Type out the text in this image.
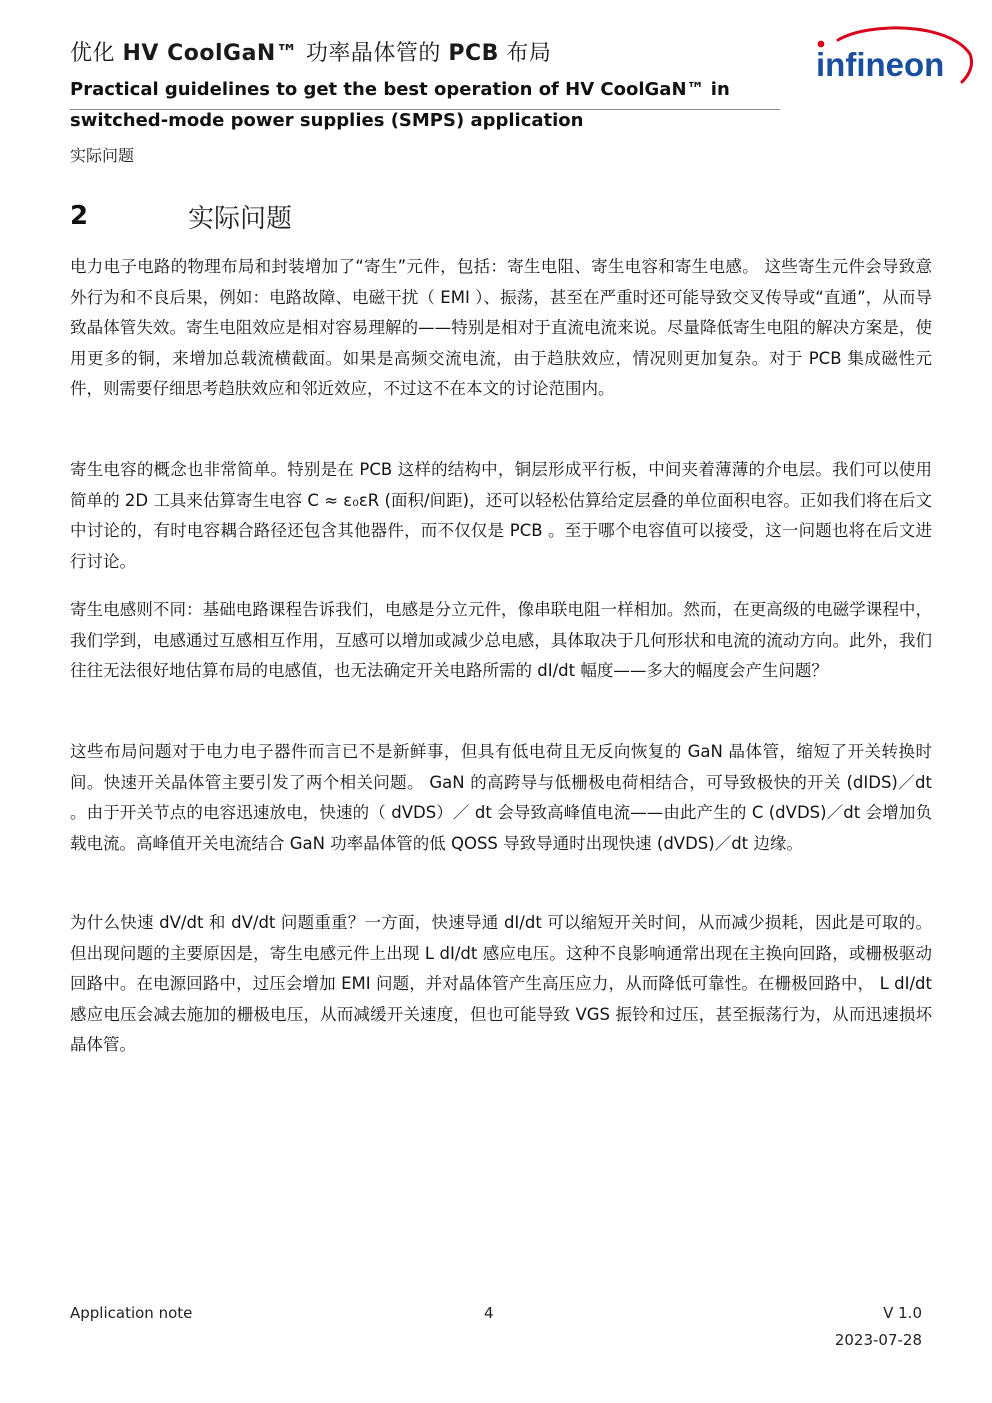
优化 HV CoolGaN™ 功率晶体管的 PCB 布局
Practical guidelines to get the best operation of HV CoolGaN™ in
switched-mode power supplies (SMPS) application
实际问题
infineon
2	实际问题
电力电子电路的物理布局和封装增加了“寄生”元件，包括：寄生电阻、寄生电容和寄生电感。 这些寄生元件会导致意外行为和不良后果，例如：电路故障、电磁干扰（ EMI ）、振荡，甚至在严重时还可能导致交叉传导或“直通”，从而导致晶体管失效。寄生电阻效应是相对容易理解的——特别是相对于直流电流来说。尽量降低寄生电阻的解决方案是，使用更多的铜，来增加总载流横截面。如果是高频交流电流，由于趋肤效应，情况则更加复杂。对于 PCB 集成磁性元件，则需要仔细思考趋肤效应和邻近效应，不过这不在本文的讨论范围内。
寄生电容的概念也非常简单。特别是在 PCB 这样的结构中，铜层形成平行板，中间夹着薄薄的介电层。我们可以使用简单的 2D 工具来估算寄生电容 C ≈ ε₀εR (面积/间距)，还可以轻松估算给定层叠的单位面积电容。正如我们将在后文中讨论的，有时电容耦合路径还包含其他器件，而不仅仅是 PCB 。至于哪个电容值可以接受，这一问题也将在后文进行讨论。
寄生电感则不同：基础电路课程告诉我们，电感是分立元件，像串联电阻一样相加。然而，在更高级的电磁学课程中，我们学到，电感通过互感相互作用，互感可以增加或减少总电感，具体取决于几何形状和电流的流动方向。此外，我们往往无法很好地估算布局的电感值，也无法确定开关电路所需的 dI/dt 幅度——多大的幅度会产生问题？
这些布局问题对于电力电子器件而言已不是新鲜事，但具有低电荷且无反向恢复的 GaN 晶体管，缩短了开关转换时间。快速开关晶体管主要引发了两个相关问题。 GaN 的高跨导与低栅极电荷相结合，可导致极快的开关 (dIDS)／dt 。由于开关节点的电容迅速放电，快速的（ dVDS）／ dt 会导致高峰值电流——由此产生的 C (dVDS)／dt 会增加负载电流。高峰值开关电流结合 GaN 功率晶体管的低 QOSS 导致导通时出现快速 (dVDS)／dt 边缘。
为什么快速 dV/dt 和 dV/dt 问题重重？一方面，快速导通 dI/dt 可以缩短开关时间，从而减少损耗，因此是可取的。但出现问题的主要原因是，寄生电感元件上出现 L dI/dt 感应电压。这种不良影响通常出现在主换向回路，或栅极驱动回路中。在电源回路中，过压会增加 EMI 问题，并对晶体管产生高压应力，从而降低可靠性。在栅极回路中， L dI/dt 感应电压会减去施加的栅极电压，从而减缓开关速度，但也可能导致 VGS 振铃和过压，甚至振荡行为，从而迅速损坏晶体管。
Application note	4	V 1.0
2023-07-28
